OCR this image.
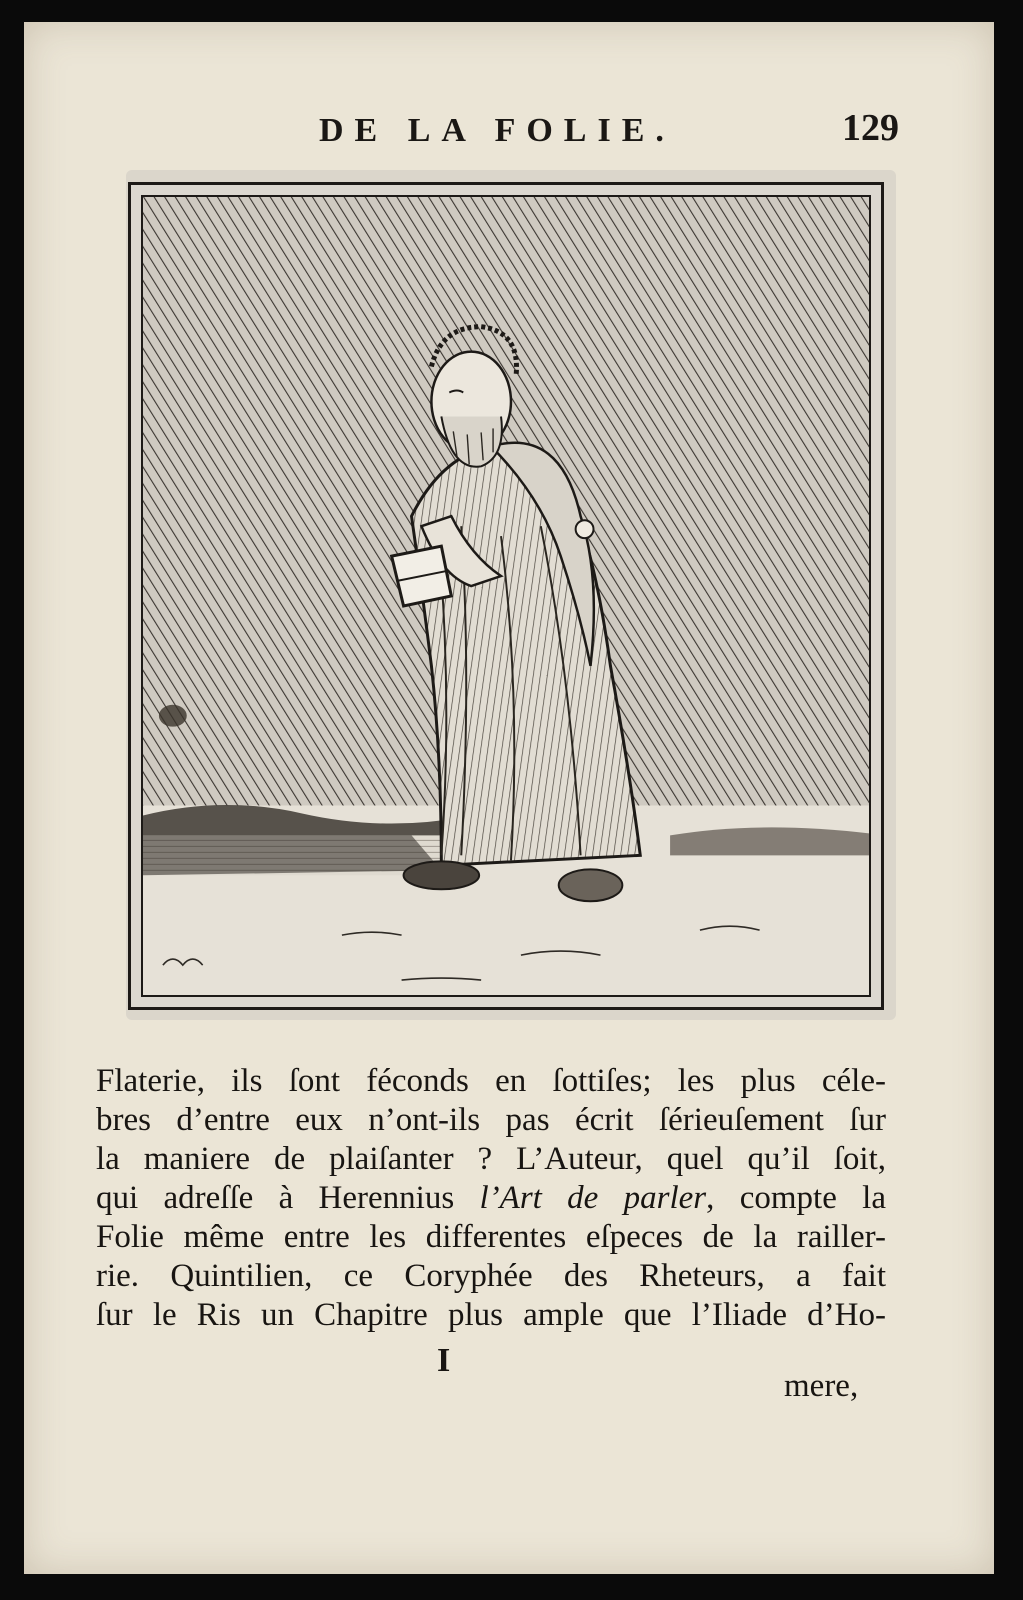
DE LA FOLIE.	129
Flaterie, ils ſont féconds en ſottiſes; les plus céle-
bres d’entre eux n’ont-ils pas écrit ſérieuſement ſur
la maniere de plaiſanter ? L’Auteur, quel qu’il ſoit,
qui adreſſe à Herennius l’Art de parler, compte la
Folie même entre les differentes eſpeces de la railler-
rie. Quintilien, ce Coryphée des Rheteurs, a fait
ſur le Ris un Chapitre plus ample que l’Iliade d’Ho-
I
mere,
